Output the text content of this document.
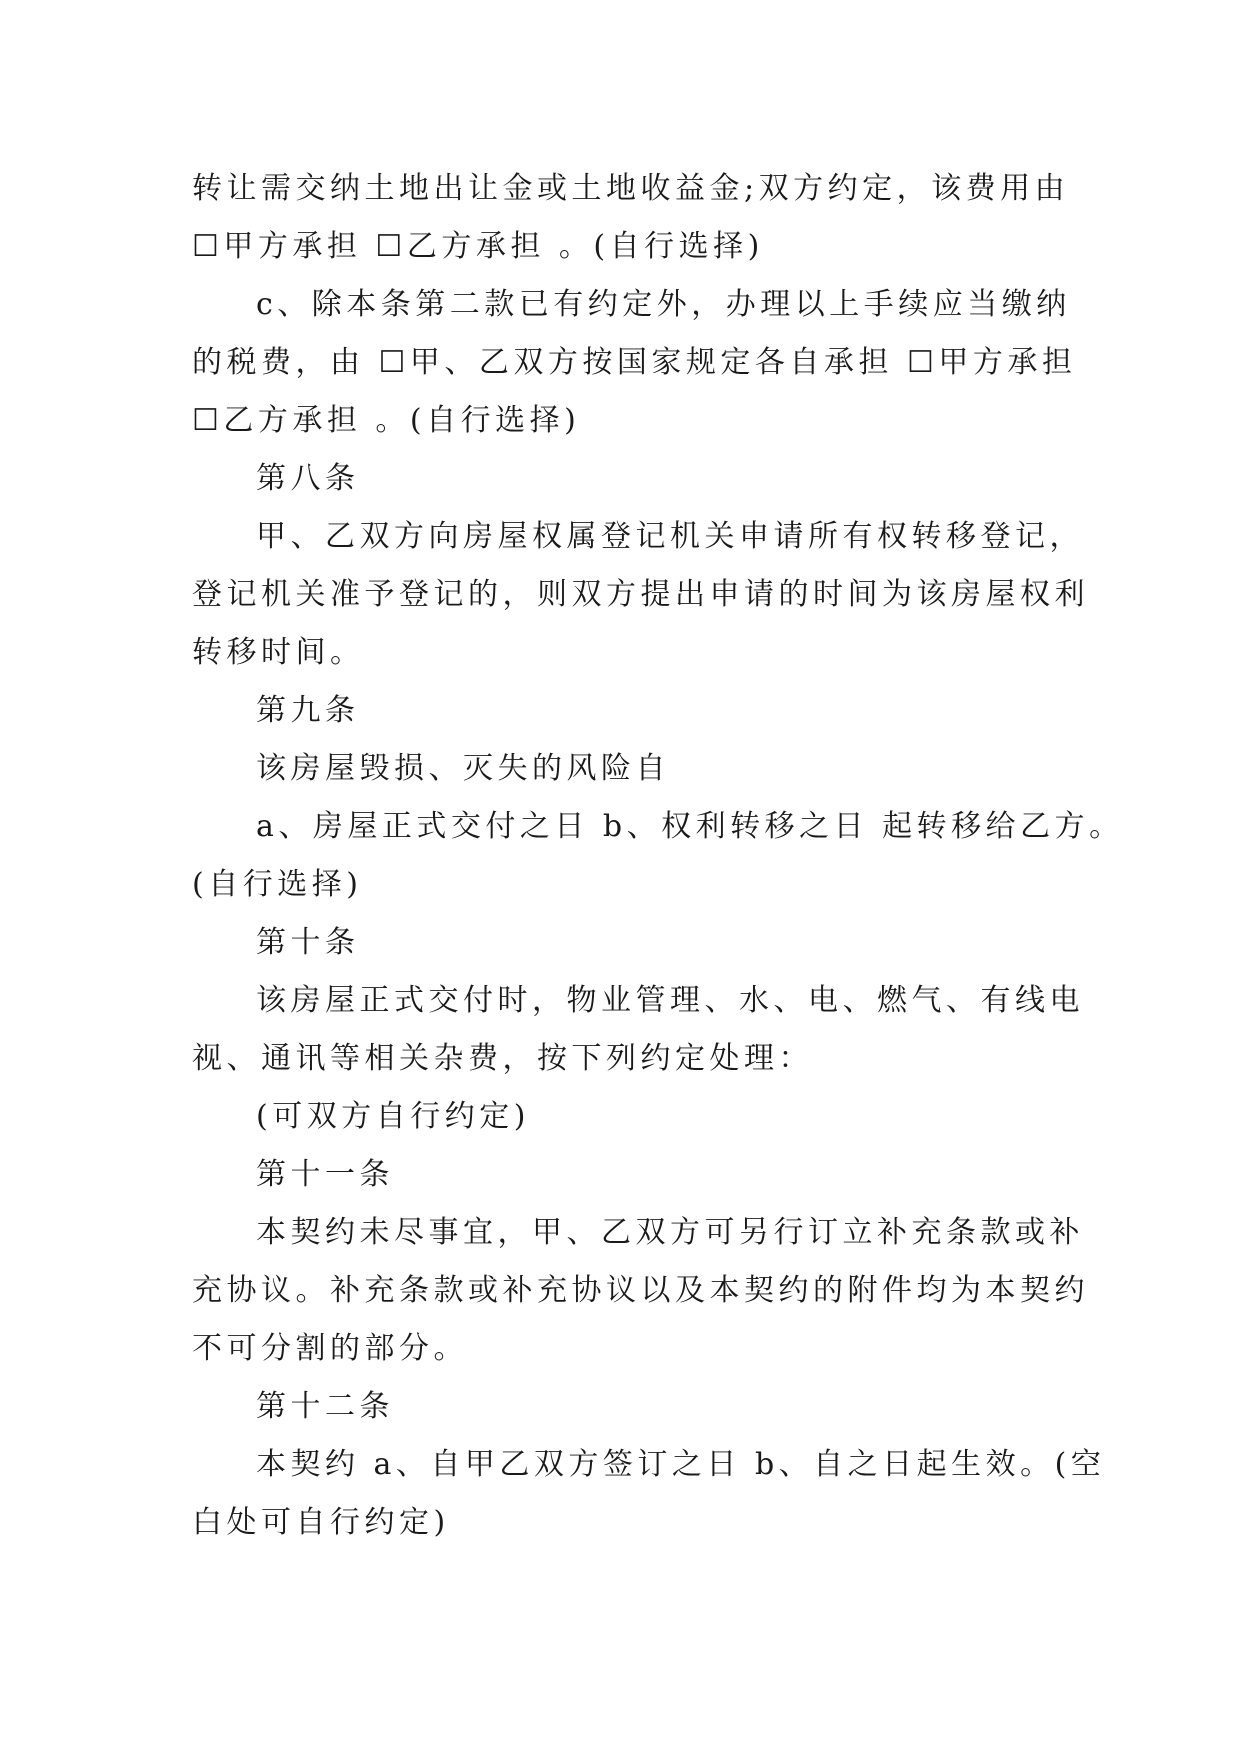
转让需交纳土地出让金或土地收益金;双方约定，该费用由
☐甲方承担 ☐乙方承担 。(自行选择)
c、除本条第二款已有约定外，办理以上手续应当缴纳
的税费，由 ☐甲、乙双方按国家规定各自承担 ☐甲方承担
☐乙方承担 。(自行选择)
第八条
甲、乙双方向房屋权属登记机关申请所有权转移登记，
登记机关准予登记的，则双方提出申请的时间为该房屋权利
转移时间。
第九条
该房屋毁损、灭失的风险自
a、房屋正式交付之日 b、权利转移之日 起转移给乙方。
(自行选择)
第十条
该房屋正式交付时，物业管理、水、电、燃气、有线电
视、通讯等相关杂费，按下列约定处理：
(可双方自行约定)
第十一条
本契约未尽事宜，甲、乙双方可另行订立补充条款或补
充协议。补充条款或补充协议以及本契约的附件均为本契约
不可分割的部分。
第十二条
本契约 a、自甲乙双方签订之日 b、自之日起生效。(空
白处可自行约定)
